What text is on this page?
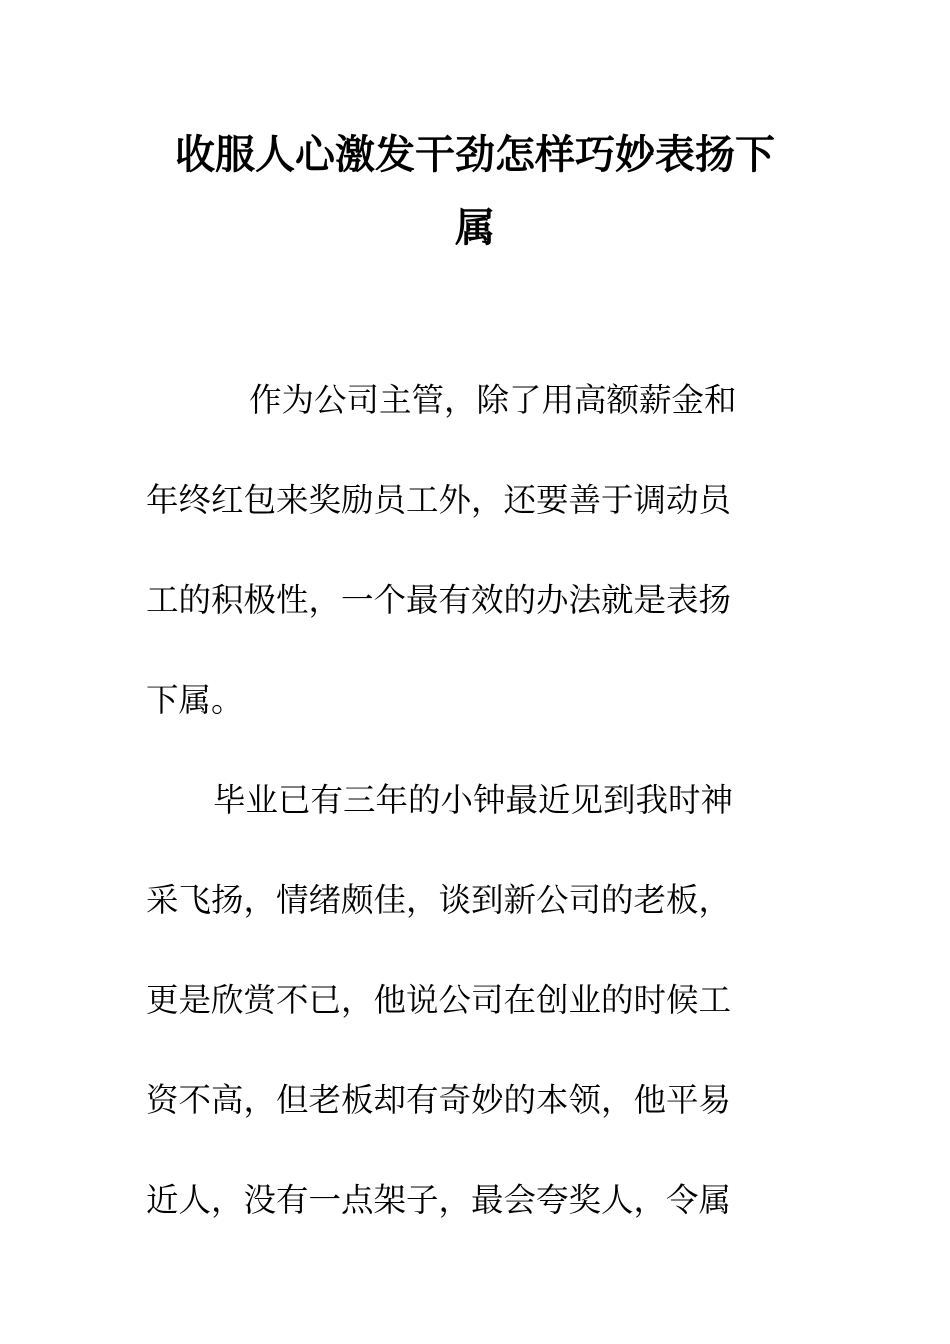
收服人心激发干劲怎样巧妙表扬下
属
作为公司主管，除了用高额薪金和
年终红包来奖励员工外，还要善于调动员
工的积极性，一个最有效的办法就是表扬
下属。
毕业已有三年的小钟最近见到我时神
采飞扬，情绪颇佳，谈到新公司的老板，
更是欣赏不已，他说公司在创业的时候工
资不高，但老板却有奇妙的本领，他平易
近人，没有一点架子，最会夸奖人，令属
